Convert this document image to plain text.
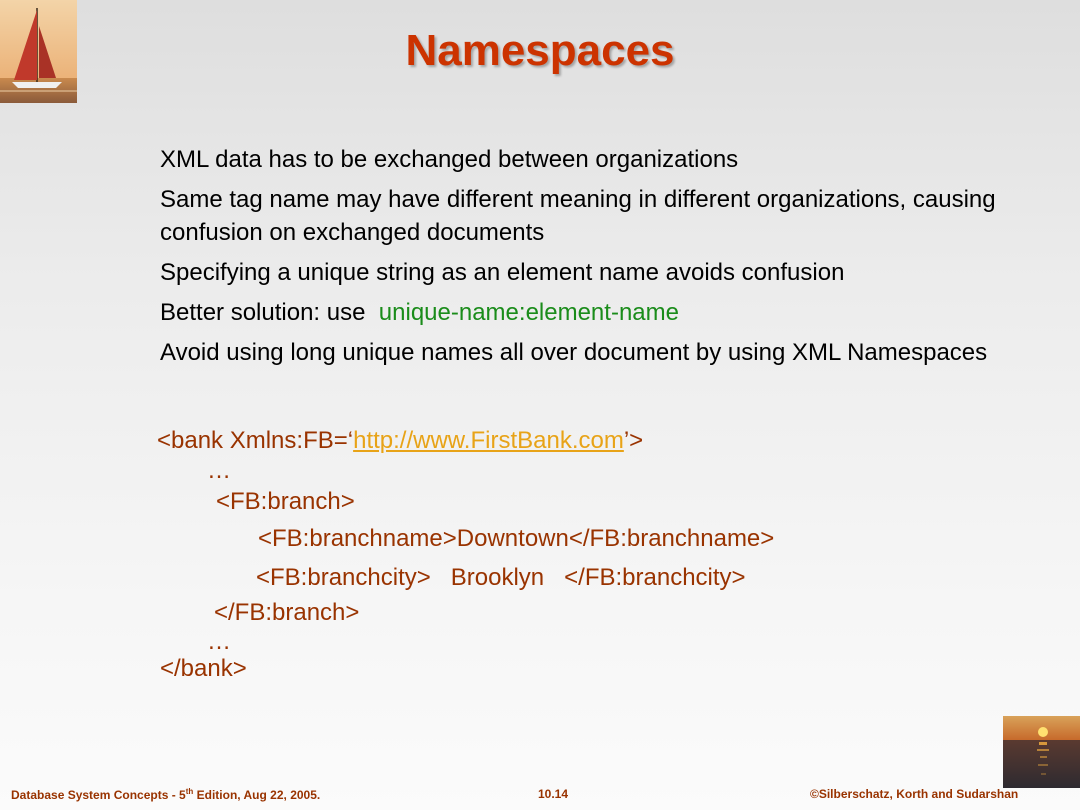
Namespaces
XML data has to be exchanged between organizations
Same tag name may have different meaning in different organizations, causing confusion on exchanged documents
Specifying a unique string as an element name avoids confusion
Better solution: use unique-name:element-name
Avoid using long unique names all over document by using XML Namespaces
<bank Xmlns:FB=‘http://www.FirstBank.com’>
…
<FB:branch>
<FB:branchname>Downtown</FB:branchname>
<FB:branchcity>   Brooklyn   </FB:branchcity>
</FB:branch>
…
</bank>
Database System Concepts - 5th Edition, Aug 22, 2005.	10.14	©Silberschatz, Korth and Sudarshan
